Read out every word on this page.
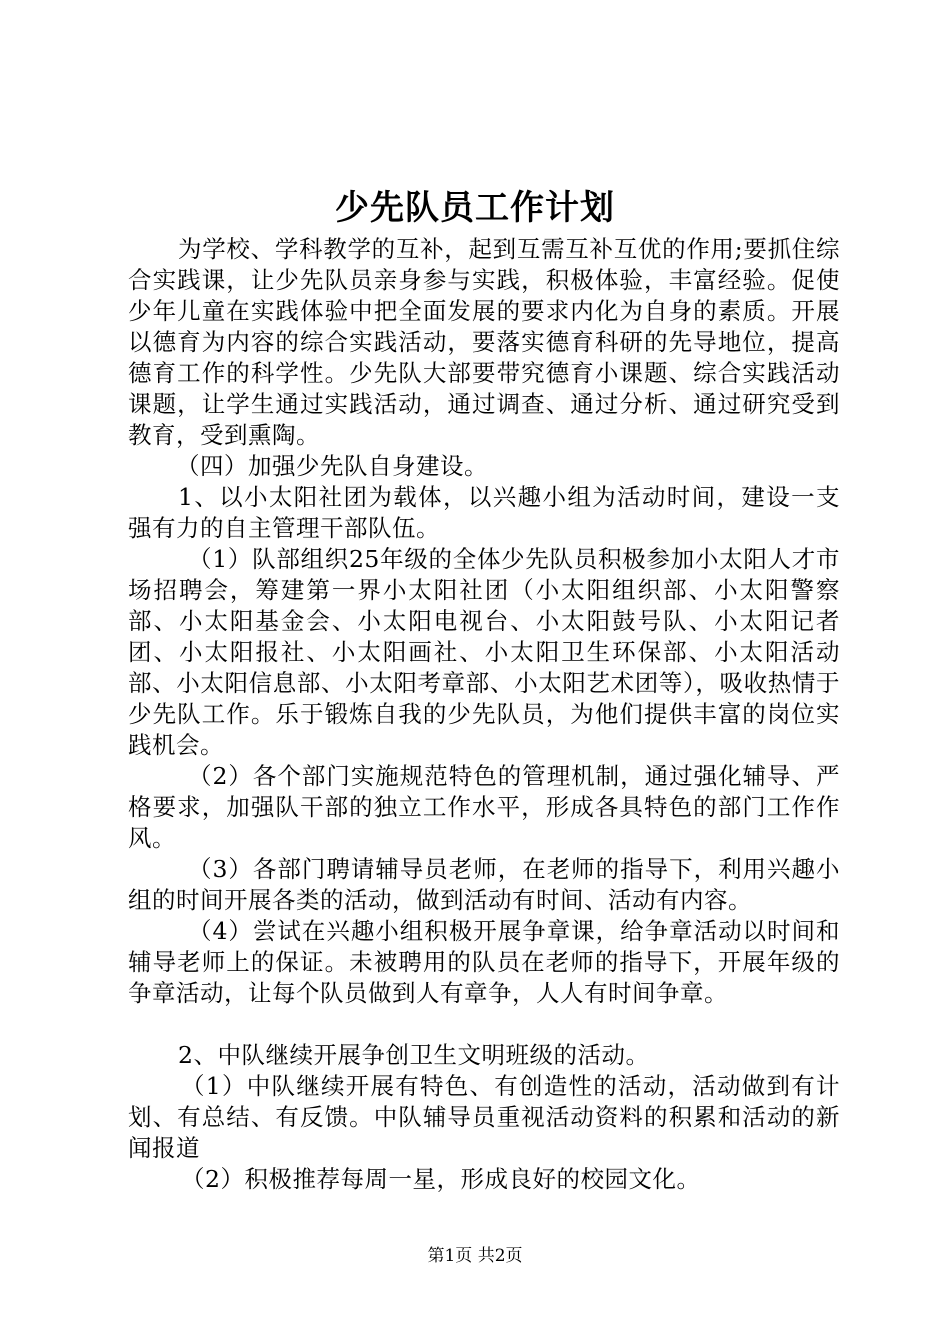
少先队员工作计划

为学校、学科教学的互补，起到互需互补互优的作用;要抓住综合实践课，让少先队员亲身参与实践，积极体验，丰富经验。促使少年儿童在实践体验中把全面发展的要求内化为自身的素质。开展以德育为内容的综合实践活动，要落实德育科研的先导地位，提高德育工作的科学性。少先队大部要带究德育小课题、综合实践活动课题，让学生通过实践活动，通过调查、通过分析、通过研究受到教育，受到熏陶。

（四）加强少先队自身建设。

1、以小太阳社团为载体，以兴趣小组为活动时间，建设一支强有力的自主管理干部队伍。

（1）队部组织25年级的全体少先队员积极参加小太阳人才市场招聘会，筹建第一界小太阳社团（小太阳组织部、小太阳警察部、小太阳基金会、小太阳电视台、小太阳鼓号队、小太阳记者团、小太阳报社、小太阳画社、小太阳卫生环保部、小太阳活动部、小太阳信息部、小太阳考章部、小太阳艺术团等），吸收热情于少先队工作。乐于锻炼自我的少先队员，为他们提供丰富的岗位实践机会。

（2）各个部门实施规范特色的管理机制，通过强化辅导、严格要求，加强队干部的独立工作水平，形成各具特色的部门工作作风。

（3）各部门聘请辅导员老师，在老师的指导下，利用兴趣小组的时间开展各类的活动，做到活动有时间、活动有内容。

（4）尝试在兴趣小组积极开展争章课，给争章活动以时间和辅导老师上的保证。未被聘用的队员在老师的指导下，开展年级的争章活动，让每个队员做到人有章争，人人有时间争章。

2、中队继续开展争创卫生文明班级的活动。

（1）中队继续开展有特色、有创造性的活动，活动做到有计划、有总结、有反馈。中队辅导员重视活动资料的积累和活动的新闻报道

（2）积极推荐每周一星，形成良好的校园文化。

第1页 共2页
